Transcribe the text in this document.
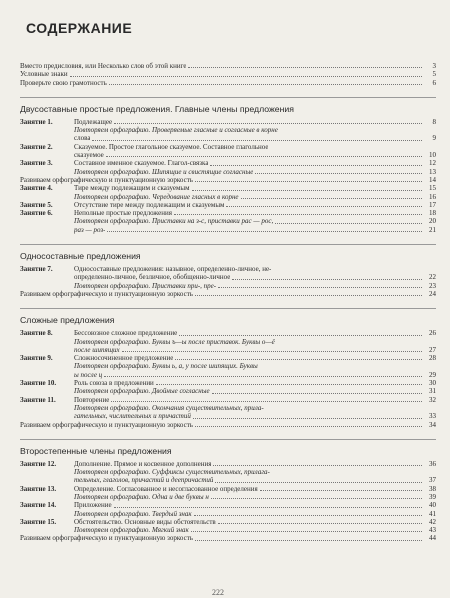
СОДЕРЖАНИЕ
Вместо предисловия, или Несколько слов об этой книге	3
Условные знаки	5
Проверьте свою грамотность	6
Двусоставные простые предложения. Главные члены предложения
Занятие 1.	Подлежащее	8
Повторяем орфографию. Проверяемые гласные и согласные в корне
слова	9
Занятие 2.	Сказуемое. Простое глагольное сказуемое. Составное глагольное
сказуемое	10
Занятие 3.	Составное именное сказуемое. Глагол-связка	12
Повторяем орфографию. Шипящие и свистящие согласные	13
Развиваем орфографическую и пунктуационную зоркость	14
Занятие 4.	Тире между подлежащим и сказуемым	15
Повторяем орфографию. Чередование гласных в корне	16
Занятие 5.	Отсутствие тире между подлежащим и сказуемым	17
Занятие 6.	Неполные простые предложения	18
Повторяем орфографию. Приставки на з-с, приставки рас — рос,	20
раз — роз-	21
Односоставные предложения
Занятие 7.	Односоставные предложения: назывное, определенно-личное, не-
определенно-личное, безличное, обобщенно-личное	22
Повторяем орфографию. Приставки при-, пре-	23
Развиваем орфографическую и пунктуационную зоркость	24
Сложные предложения
Занятие 8.	Бессоюзное сложное предложение	26
Повторяем орфографию. Буквы ъ—ы после приставок. Буквы о—ё
после шипящих	27
Занятие 9.	Сложносочиненное предложение	28
Повторяем орфографию. Буквы ь, а, у после шипящих. Буквы
ы после ц	29
Занятие 10.	Роль союза в предложении	30
Повторяем орфографию. Двойные согласные	31
Занятие 11.	Повторение	32
Повторяем орфографию. Окончания существительных, прила-
гательных, числительных и причастий	33
Развиваем орфографическую и пунктуационную зоркость	34
Второстепенные члены предложения
Занятие 12.	Дополнение. Прямое и косвенное дополнения	36
Повторяем орфографию. Суффиксы существительных, прилага-
тельных, глаголов, причастий и деепричастий	37
Занятие 13.	Определение. Согласованное и несогласованное определения	38
Повторяем орфографию. Одна и две буквы н	39
Занятие 14.	Приложение	40
Повторяем орфографию. Твердый знак	41
Занятие 15.	Обстоятельство. Основные виды обстоятельств	42
Повторяем орфографию. Мягкий знак	43
Развиваем орфографическую и пунктуационную зоркость	44
222
